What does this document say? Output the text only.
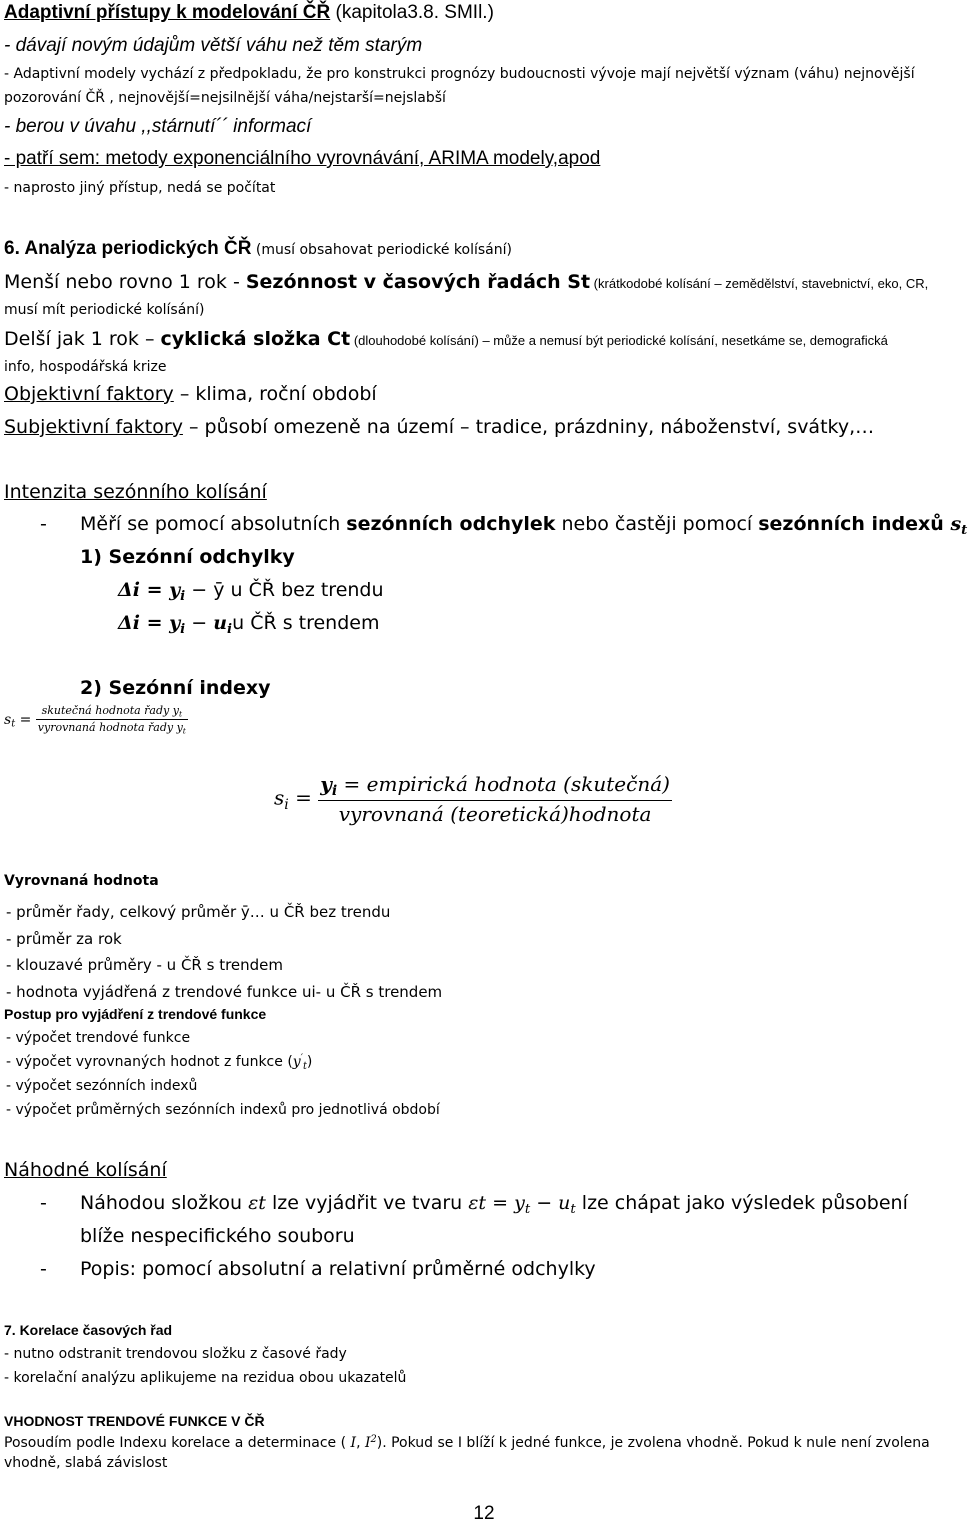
Adaptivní přístupy k modelování ČŘ (kapitola3.8. SMIl.)
- dávají novým údajům větší váhu než těm starým
- Adaptivní modely vychází z předpokladu, že pro konstrukci prognózy budoucnosti vývoje mají největší význam (váhu) nejnovější
pozorování ČŘ , nejnovější=nejsilnější váha/nejstarší=nejslabší
- berou v úvahu ,,stárnutí´´ informací
- patří sem: metody exponenciálního vyrovnávání, ARIMA modely,apod
- naprosto jiný přístup, nedá se počítat
6. Analýza periodických ČŘ (musí obsahovat periodické kolísání)
Menší nebo rovno 1 rok - Sezónnost v časových řadách St (krátkodobé kolísání – zemědělství, stavebnictví, eko, CR,
musí mít periodické kolísání)
Delší jak 1 rok – cyklická složka Ct (dlouhodobé kolísání) – může a nemusí být periodické kolísání, nesetkáme se, demografická
info, hospodářská krize
Objektivní faktory – klima, roční období
Subjektivní faktory – působí omezeně na území – tradice, prázdniny, náboženství, svátky,…
Intenzita sezónního kolísání
- Měří se pomocí absolutních sezónních odchylek nebo častěji pomocí sezónních indexů $s_t$
1) Sezónní odchylky
$\Delta i = y_i$ − ȳ u ČŘ bez trendu
$\Delta i = y_i - u_iu$ ČŘ s trendem
2) Sezónní indexy
$s_t = \frac{skutečná hodnota řady y_t}{vyrovnaná hodnota řady y_t}$
$s_i = \frac{y_i = empirická hodnota (skutečná)}{\text{vyrovnaná (teoretická)hodnota}}$
Vyrovnaná hodnota
- průměr řady, celkový průměr ȳ… u ČŘ bez trendu
- průměr za rok
- klouzavé průměry - u ČŘ s trendem
- hodnota vyjádřená z trendové funkce ui- u ČŘ s trendem
Postup pro vyjádření z trendové funkce
- výpočet trendové funkce
- výpočet vyrovnaných hodnot z funkce $(y'_t)$
- výpočet sezónních indexů
- výpočet průměrných sezónních indexů pro jednotlivá období
Náhodné kolísání
- Náhodou složkou εt lze vyjádřit ve tvaru $\varepsilon t = y_t - u_t$ lze chápat jako výsledek působení
blíže nespecifického souboru
- Popis: pomocí absolutní a relativní průměrné odchylky
7. Korelace časových řad
- nutno odstranit trendovou složku z časové řady
- korelační analýzu aplikujeme na rezidua obou ukazatelů
VHODNOST TRENDOVÉ FUNKCE V ČŘ
Posoudím podle Indexu korelace a determinace ( I, $I^2$). Pokud se I blíží k jedné funkce, je zvolena vhodně. Pokud k nule není zvolena
vhodně, slabá závislost
12
